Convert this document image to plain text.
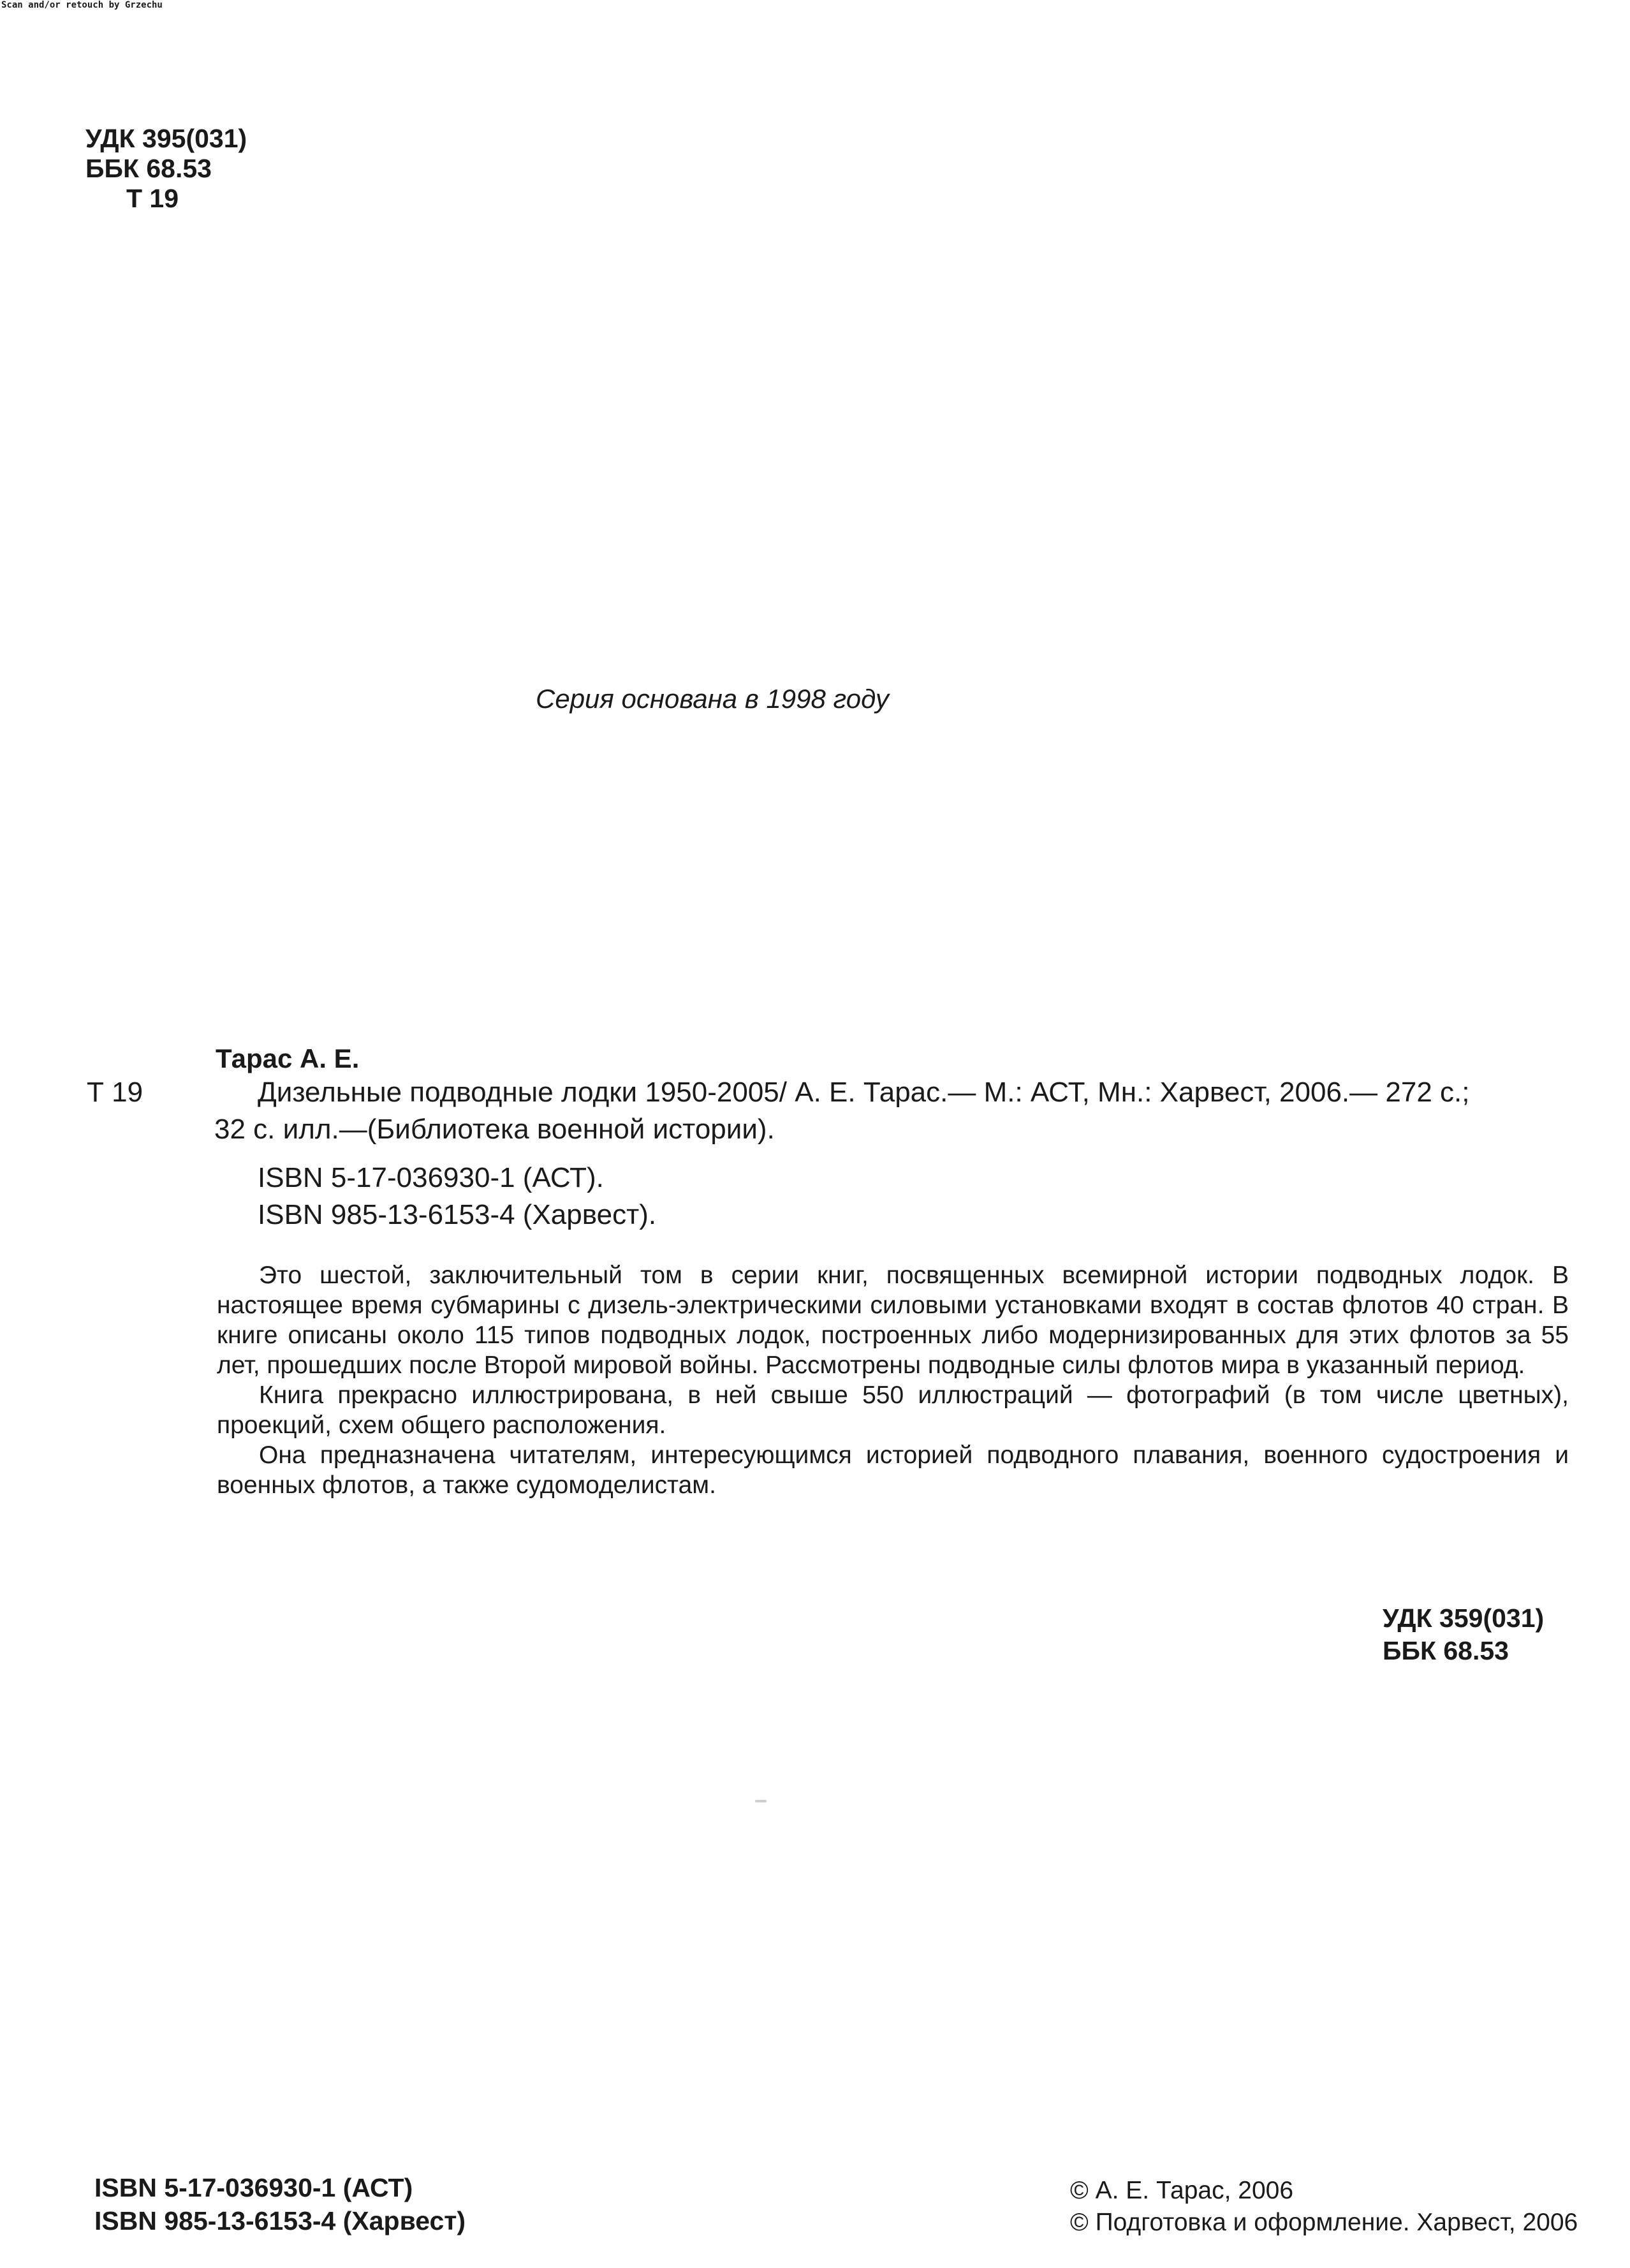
Scan and/or retouch by Grzechu
УДК 395(031)
ББК 68.53
Т 19
Серия основана в 1998 году
Тарас А. Е.
Т 19	Дизельные подводные лодки 1950-2005/ А. Е. Тарас.— М.: АСТ, Мн.: Харвест, 2006.— 272 с.;
32 с. илл.—(Библиотека военной истории).
ISBN 5-17-036930-1 (АСТ).
ISBN 985-13-6153-4 (Харвест).

Это шестой, заключительный том в серии книг, посвященных всемирной истории подводных лодок. В настоящее время субмарины с дизель-электрическими силовыми установками входят в состав флотов 40 стран. В книге описаны около 115 типов подводных лодок, построенных либо модернизированных для этих флотов за 55 лет, прошедших после Второй мировой войны. Рассмотрены подводные силы флотов мира в указанный период.

Книга прекрасно иллюстрирована, в ней свыше 550 иллюстраций — фотографий (в том числе цветных), проекций, схем общего расположения.

Она предназначена читателям, интересующимся историей подводного плавания, военного судостроения и военных флотов, а также судомоделистам.

УДК 359(031)
ББК 68.53
ISBN 5-17-036930-1 (АСТ)
ISBN 985-13-6153-4 (Харвест)
© А. Е. Тарас, 2006
© Подготовка и оформление. Харвест, 2006
